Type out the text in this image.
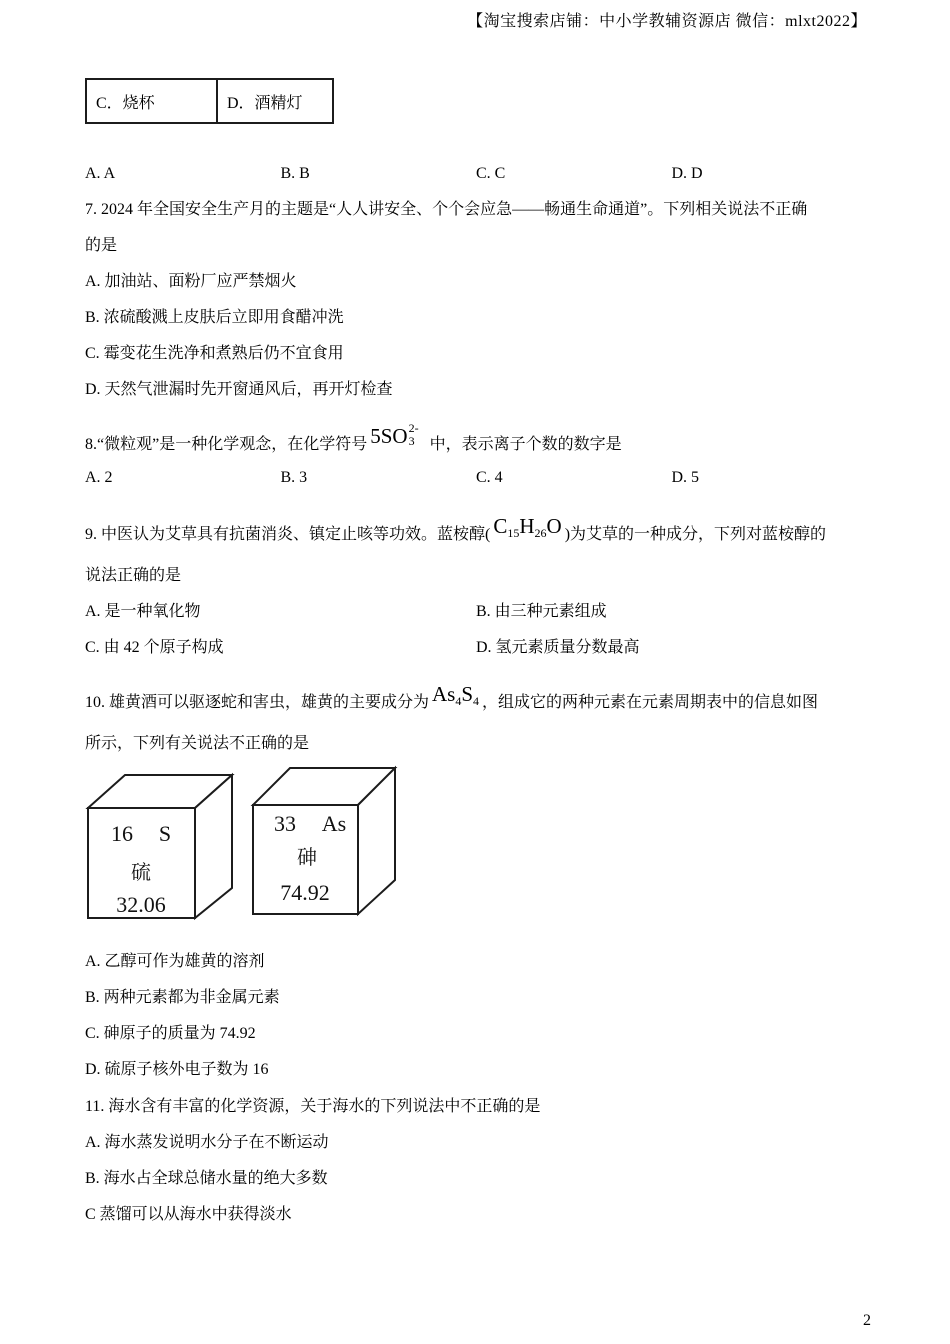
【淘宝搜索店铺：中小学教辅资源店 微信：mlxt2022】
C．烧杯	D．酒精灯
A. A	B. B	C. C	D. D
7. 2024 年全国安全生产月的主题是“人人讲安全、个个会应急——畅通生命通道”。下列相关说法不正确
的是
A. 加油站、面粉厂应严禁烟火
B. 浓硫酸溅上皮肤后立即用食醋冲洗
C. 霉变花生洗净和煮熟后仍不宜食用
D. 天然气泄漏时先开窗通风后，再开灯检查
8.“微粒观”是一种化学观念，在化学符号 5SO 2-
3 中，表示离子个数的数字是
A. 2	B. 3	C. 4	D. 5
9. 中医认为艾草具有抗菌消炎、镇定止咳等功效。蓝桉醇( $C_{15}H_{26}O$ )为艾草的一种成分，下列对蓝桉醇的
说法正确的是
A. 是一种氧化物	B. 由三种元素组成
C. 由 42 个原子构成	D. 氢元素质量分数最高
10. 雄黄酒可以驱逐蛇和害虫，雄黄的主要成分为 $As_4S_4$ ，组成它的两种元素在元素周期表中的信息如图
所示，下列有关说法不正确的是
16 S
硫
32.06
33 As
砷
74.92
A. 乙醇可作为雄黄的溶剂
B. 两种元素都为非金属元素
C. 砷原子的质量为 74.92
D. 硫原子核外电子数为 16
11. 海水含有丰富的化学资源，关于海水的下列说法中不正确的是
A. 海水蒸发说明水分子在不断运动
B. 海水占全球总储水量的绝大多数
C 蒸馏可以从海水中获得淡水
2
